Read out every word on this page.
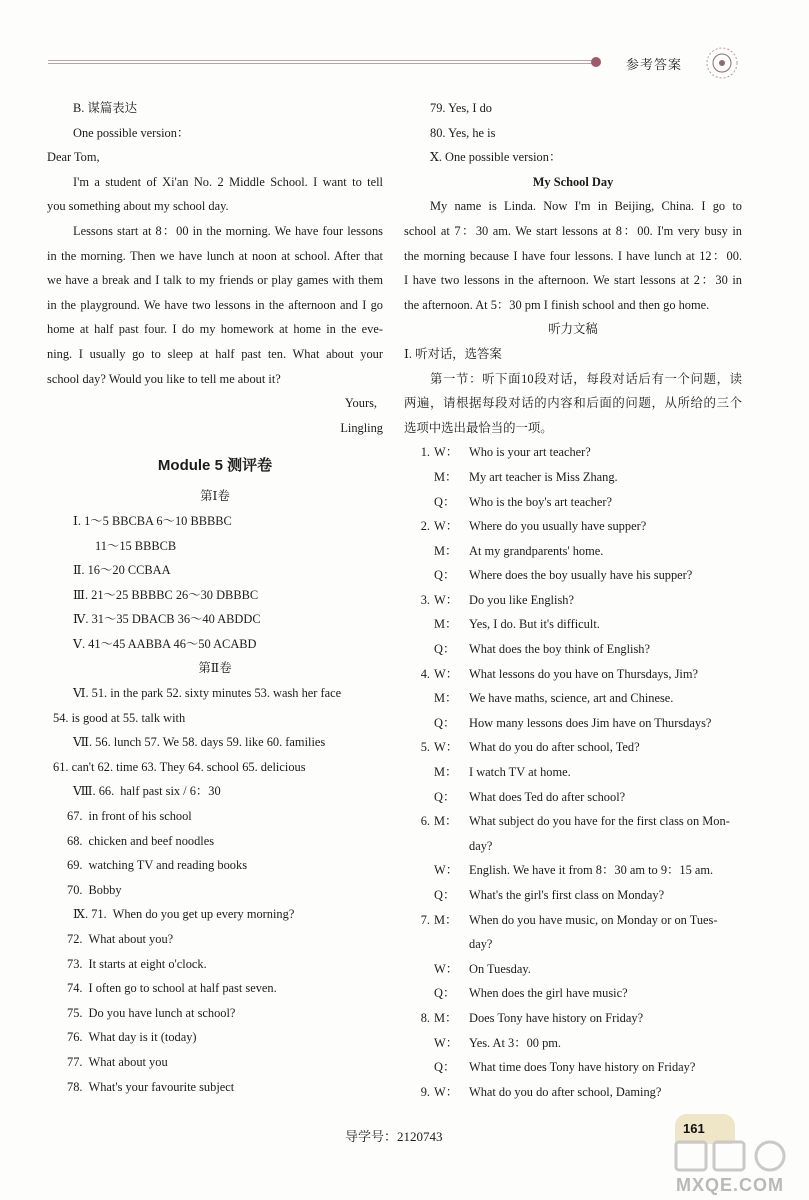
参考答案
B. 谋篇表达
One possible version：
Dear Tom,
I'm a student of Xi'an No. 2 Middle School. I want to tell
you something about my school day.
Lessons start at 8：00 in the morning. We have four lessons
in the morning. Then we have lunch at noon at school. After that
we have a break and I talk to my friends or play games with them
in the playground. We have two lessons in the afternoon and I go
home at half past four. I do my homework at home in the eve-
ning. I usually go to sleep at half past ten. What about your
school day? Would you like to tell me about it?
Yours,
Lingling
Module 5 测评卷
第Ⅰ卷
Ⅰ. 1～5 BBCBA 6～10 BBBBC
11～15 BBBCB
Ⅱ. 16～20 CCBAA
Ⅲ. 21～25 BBBBC 26～30 DBBBC
Ⅳ. 31～35 DBACB 36～40 ABDDC
Ⅴ. 41～45 AABBA 46～50 ACABD
第Ⅱ卷
Ⅵ. 51. in the park 52. sixty minutes 53. wash her face
54. is good at 55. talk with
Ⅶ. 56. lunch 57. We 58. days 59. like 60. families
61. can't 62. time 63. They 64. school 65. delicious
Ⅷ. 66. half past six / 6：30
67. in front of his school
68. chicken and beef noodles
69. watching TV and reading books
70. Bobby
Ⅸ. 71. When do you get up every morning?
72. What about you?
73. It starts at eight o'clock.
74. I often go to school at half past seven.
75. Do you have lunch at school?
76. What day is it (today)
77. What about you
78. What's your favourite subject
79. Yes, I do
80. Yes, he is
Ⅹ. One possible version：
My School Day
My name is Linda. Now I'm in Beijing, China. I go to
school at 7：30 am. We start lessons at 8：00. I'm very busy in
the morning because I have four lessons. I have lunch at 12：00.
I have two lessons in the afternoon. We start lessons at 2：30 in
the afternoon. At 5：30 pm I finish school and then go home.
听力文稿
Ⅰ. 听对话，选答案
第一节：听下面10段对话，每段对话后有一个问题，读
两遍，请根据每段对话的内容和后面的问题，从所给的三个
选项中选出最恰当的一项。
1. W： Who is your art teacher?
M： My art teacher is Miss Zhang.
Q： Who is the boy's art teacher?
2. W： Where do you usually have supper?
M： At my grandparents' home.
Q： Where does the boy usually have his supper?
3. W： Do you like English?
M： Yes, I do. But it's difficult.
Q： What does the boy think of English?
4. W： What lessons do you have on Thursdays, Jim?
M： We have maths, science, art and Chinese.
Q： How many lessons does Jim have on Thursdays?
5. W： What do you do after school, Ted?
M： I watch TV at home.
Q： What does Ted do after school?
6. M： What subject do you have for the first class on Mon-
day?
W： English. We have it from 8：30 am to 9：15 am.
Q： What's the girl's first class on Monday?
7. M： When do you have music, on Monday or on Tues-
day?
W： On Tuesday.
Q： When does the girl have music?
8. M： Does Tony have history on Friday?
W： Yes. At 3：00 pm.
Q： What time does Tony have history on Friday?
9. W： What do you do after school, Daming?
导学号：2120743
161
MXQE.COM
